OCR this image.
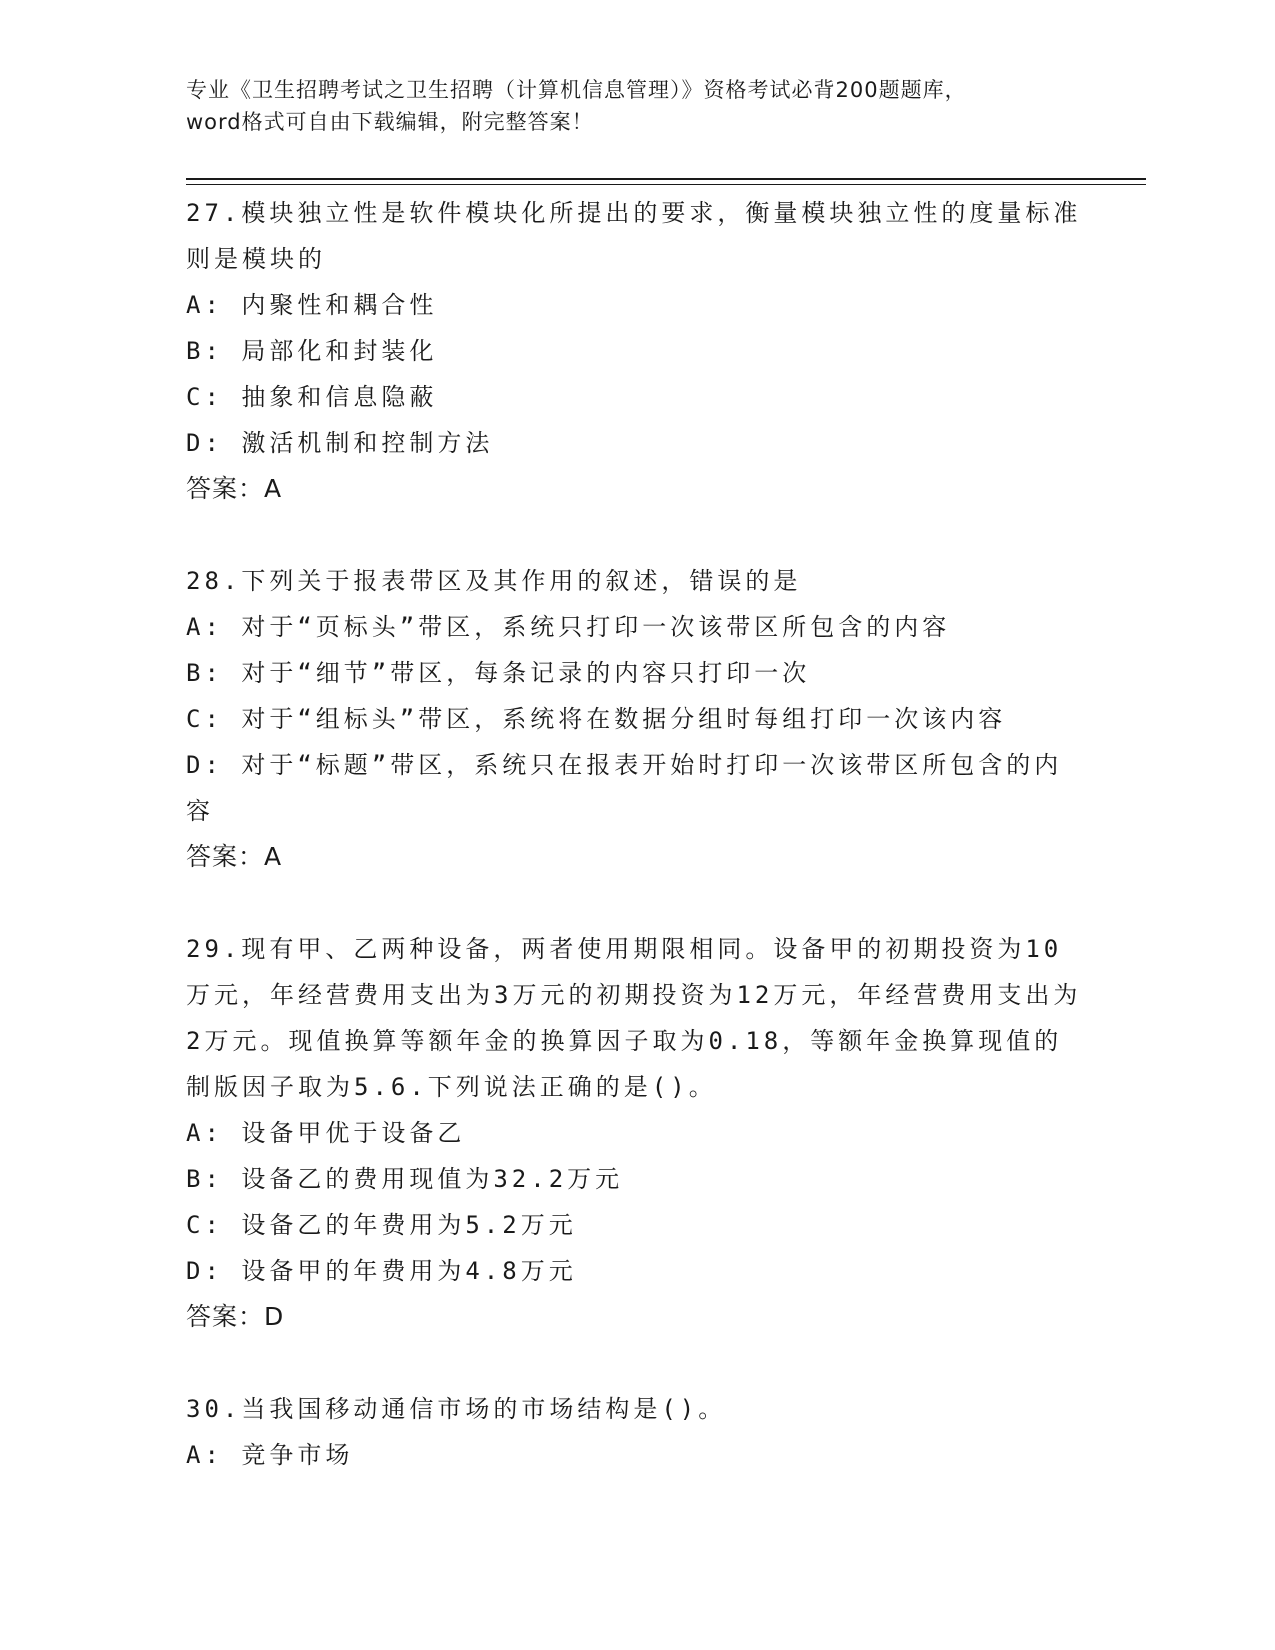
专业《卫生招聘考试之卫生招聘（计算机信息管理）》资格考试必背200题题库，
word格式可自由下载编辑，附完整答案！
27.模块独立性是软件模块化所提出的要求，衡量模块独立性的度量标准则是模块的
A: 内聚性和耦合性
B: 局部化和封装化
C: 抽象和信息隐蔽
D: 激活机制和控制方法
答案：A
28.下列关于报表带区及其作用的叙述，错误的是
A: 对于“页标头”带区，系统只打印一次该带区所包含的内容
B: 对于“细节”带区，每条记录的内容只打印一次
C: 对于“组标头”带区，系统将在数据分组时每组打印一次该内容
D: 对于“标题”带区，系统只在报表开始时打印一次该带区所包含的内容
答案：A
29.现有甲、乙两种设备，两者使用期限相同。设备甲的初期投资为10万元，年经营费用支出为3万元的初期投资为12万元，年经营费用支出为2万元。现值换算等额年金的换算因子取为0.18，等额年金换算现值的制版因子取为5.6.下列说法正确的是()。
A: 设备甲优于设备乙
B: 设备乙的费用现值为32.2万元
C: 设备乙的年费用为5.2万元
D: 设备甲的年费用为4.8万元
答案：D
30.当我国移动通信市场的市场结构是()。
A: 竞争市场
